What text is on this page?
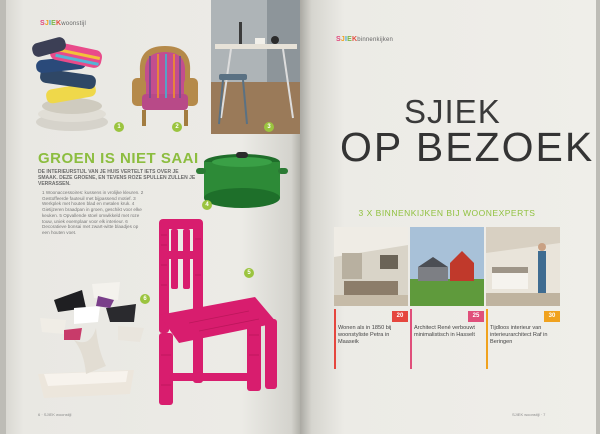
SJIEKwoonstijl
1	2	3
GROEN IS NIET SAAI
DE INTERIEURSTIJL VAN JE HUIS VERTELT IETS OVER JE SMAAK. DEZE GROENE, EN TEVENS ROZE SPULLEN ZULLEN JE VERRASSEN.
1 Woonaccessoires: kussens in vrolijke kleuren. 2 Gestoffeerde fauteuil met bijpassend motief. 3 Werkplek met houten blad en metalen kruk. 4 Gietijzeren braadpan in groen, geschikt voor elke keuken. 5 Opvallende stoel omwikkeld met roze touw, uniek exemplaar voor elk interieur. 6 Decoratieve bonsai met zwart-witte blaadjes op een houten voet.
4
5
6
6 · SJIEK woonstijl
SJIEKbinnenkijken
SJIEK
OP BEZOEK
3 X BINNENKIJKEN BIJ WOONEXPERTS
20
Wonen als in 1850 bij woonstyliste Petra in Maaseik
25
Architect René verbouwt minimalistisch in Hasselt
30
Tijdloos interieur van interieurarchitect Raf in Beringen
SJIEK woonstijl · 7
